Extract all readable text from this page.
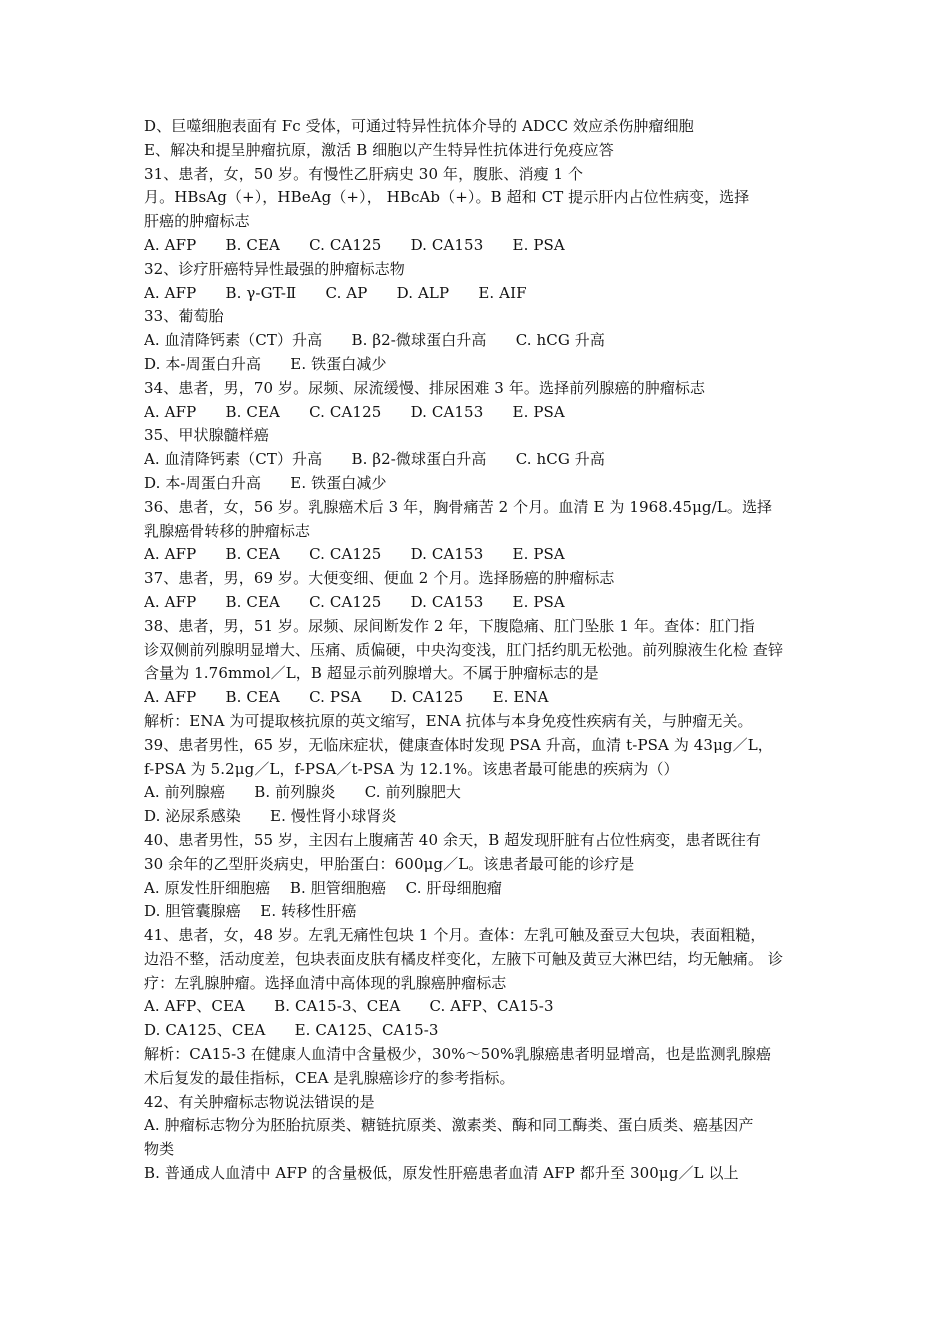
D、巨噬细胞表面有 Fc 受体，可通过特异性抗体介导的 ADCC 效应杀伤肿瘤细胞
E、解决和提呈肿瘤抗原，激活 B 细胞以产生特异性抗体进行免疫应答
31、患者，女，50 岁。有慢性乙肝病史 30 年，腹胀、消瘦 1 个
月。HBsAg（+），HBeAg（+）， HBcAb（+）。B 超和 CT 提示肝内占位性病变，选择
肝癌的肿瘤标志
A. AFP      B. CEA      C. CA125      D. CA153      E. PSA
32、诊疗肝癌特异性最强的肿瘤标志物
A. AFP      B. γ-GT-Ⅱ      C. AP      D. ALP      E. AIF
33、葡萄胎
A. 血清降钙素（CT）升高      B. β2-微球蛋白升高      C. hCG 升高
D. 本-周蛋白升高      E. 铁蛋白减少
34、患者，男，70 岁。尿频、尿流缓慢、排尿困难 3 年。选择前列腺癌的肿瘤标志
A. AFP      B. CEA      C. CA125      D. CA153      E. PSA
35、甲状腺髓样癌
A. 血清降钙素（CT）升高      B. β2-微球蛋白升高      C. hCG 升高
D. 本-周蛋白升高      E. 铁蛋白减少
36、患者，女，56 岁。乳腺癌术后 3 年，胸骨痛苦 2 个月。血清 E 为 1968.45μg/L。选择
乳腺癌骨转移的肿瘤标志
A. AFP      B. CEA      C. CA125      D. CA153      E. PSA
37、患者，男，69 岁。大便变细、便血 2 个月。选择肠癌的肿瘤标志
A. AFP      B. CEA      C. CA125      D. CA153      E. PSA
38、患者，男，51 岁。尿频、尿间断发作 2 年，下腹隐痛、肛门坠胀 1 年。查体：肛门指
诊双侧前列腺明显增大、压痛、质偏硬，中央沟变浅，肛门括约肌无松弛。前列腺液生化检 查锌
含量为 1.76mmol／L，B 超显示前列腺增大。不属于肿瘤标志的是
A. AFP      B. CEA      C. PSA      D. CA125      E. ENA
解析：ENA 为可提取核抗原的英文缩写，ENA 抗体与本身免疫性疾病有关，与肿瘤无关。
39、患者男性，65 岁，无临床症状，健康查体时发现 PSA 升高，血清 t-PSA 为 43μg／L，
f-PSA 为 5.2μg／L，f-PSA／t-PSA 为 12.1%。该患者最可能患的疾病为（）
A. 前列腺癌      B. 前列腺炎      C. 前列腺肥大
D. 泌尿系感染      E. 慢性肾小球肾炎
40、患者男性，55 岁，主因右上腹痛苦 40 余天，B 超发现肝脏有占位性病变，患者既往有
30 余年的乙型肝炎病史，甲胎蛋白：600μg／L。该患者最可能的诊疗是
A. 原发性肝细胞癌    B. 胆管细胞癌    C. 肝母细胞瘤
D. 胆管囊腺癌    E. 转移性肝癌
41、患者，女，48 岁。左乳无痛性包块 1 个月。查体：左乳可触及蚕豆大包块，表面粗糙，
边沿不整，活动度差，包块表面皮肤有橘皮样变化，左腋下可触及黄豆大淋巴结，均无触痛。 诊
疗：左乳腺肿瘤。选择血清中高体现的乳腺癌肿瘤标志
A. AFP、CEA      B. CA15-3、CEA      C. AFP、CA15-3
D. CA125、CEA      E. CA125、CA15-3
解析：CA15-3 在健康人血清中含量极少，30%～50%乳腺癌患者明显增高，也是监测乳腺癌
术后复发的最佳指标，CEA 是乳腺癌诊疗的参考指标。
42、有关肿瘤标志物说法错误的是
A. 肿瘤标志物分为胚胎抗原类、糖链抗原类、激素类、酶和同工酶类、蛋白质类、癌基因产
物类
B. 普通成人血清中 AFP 的含量极低，原发性肝癌患者血清 AFP 都升至 300μg／L 以上
